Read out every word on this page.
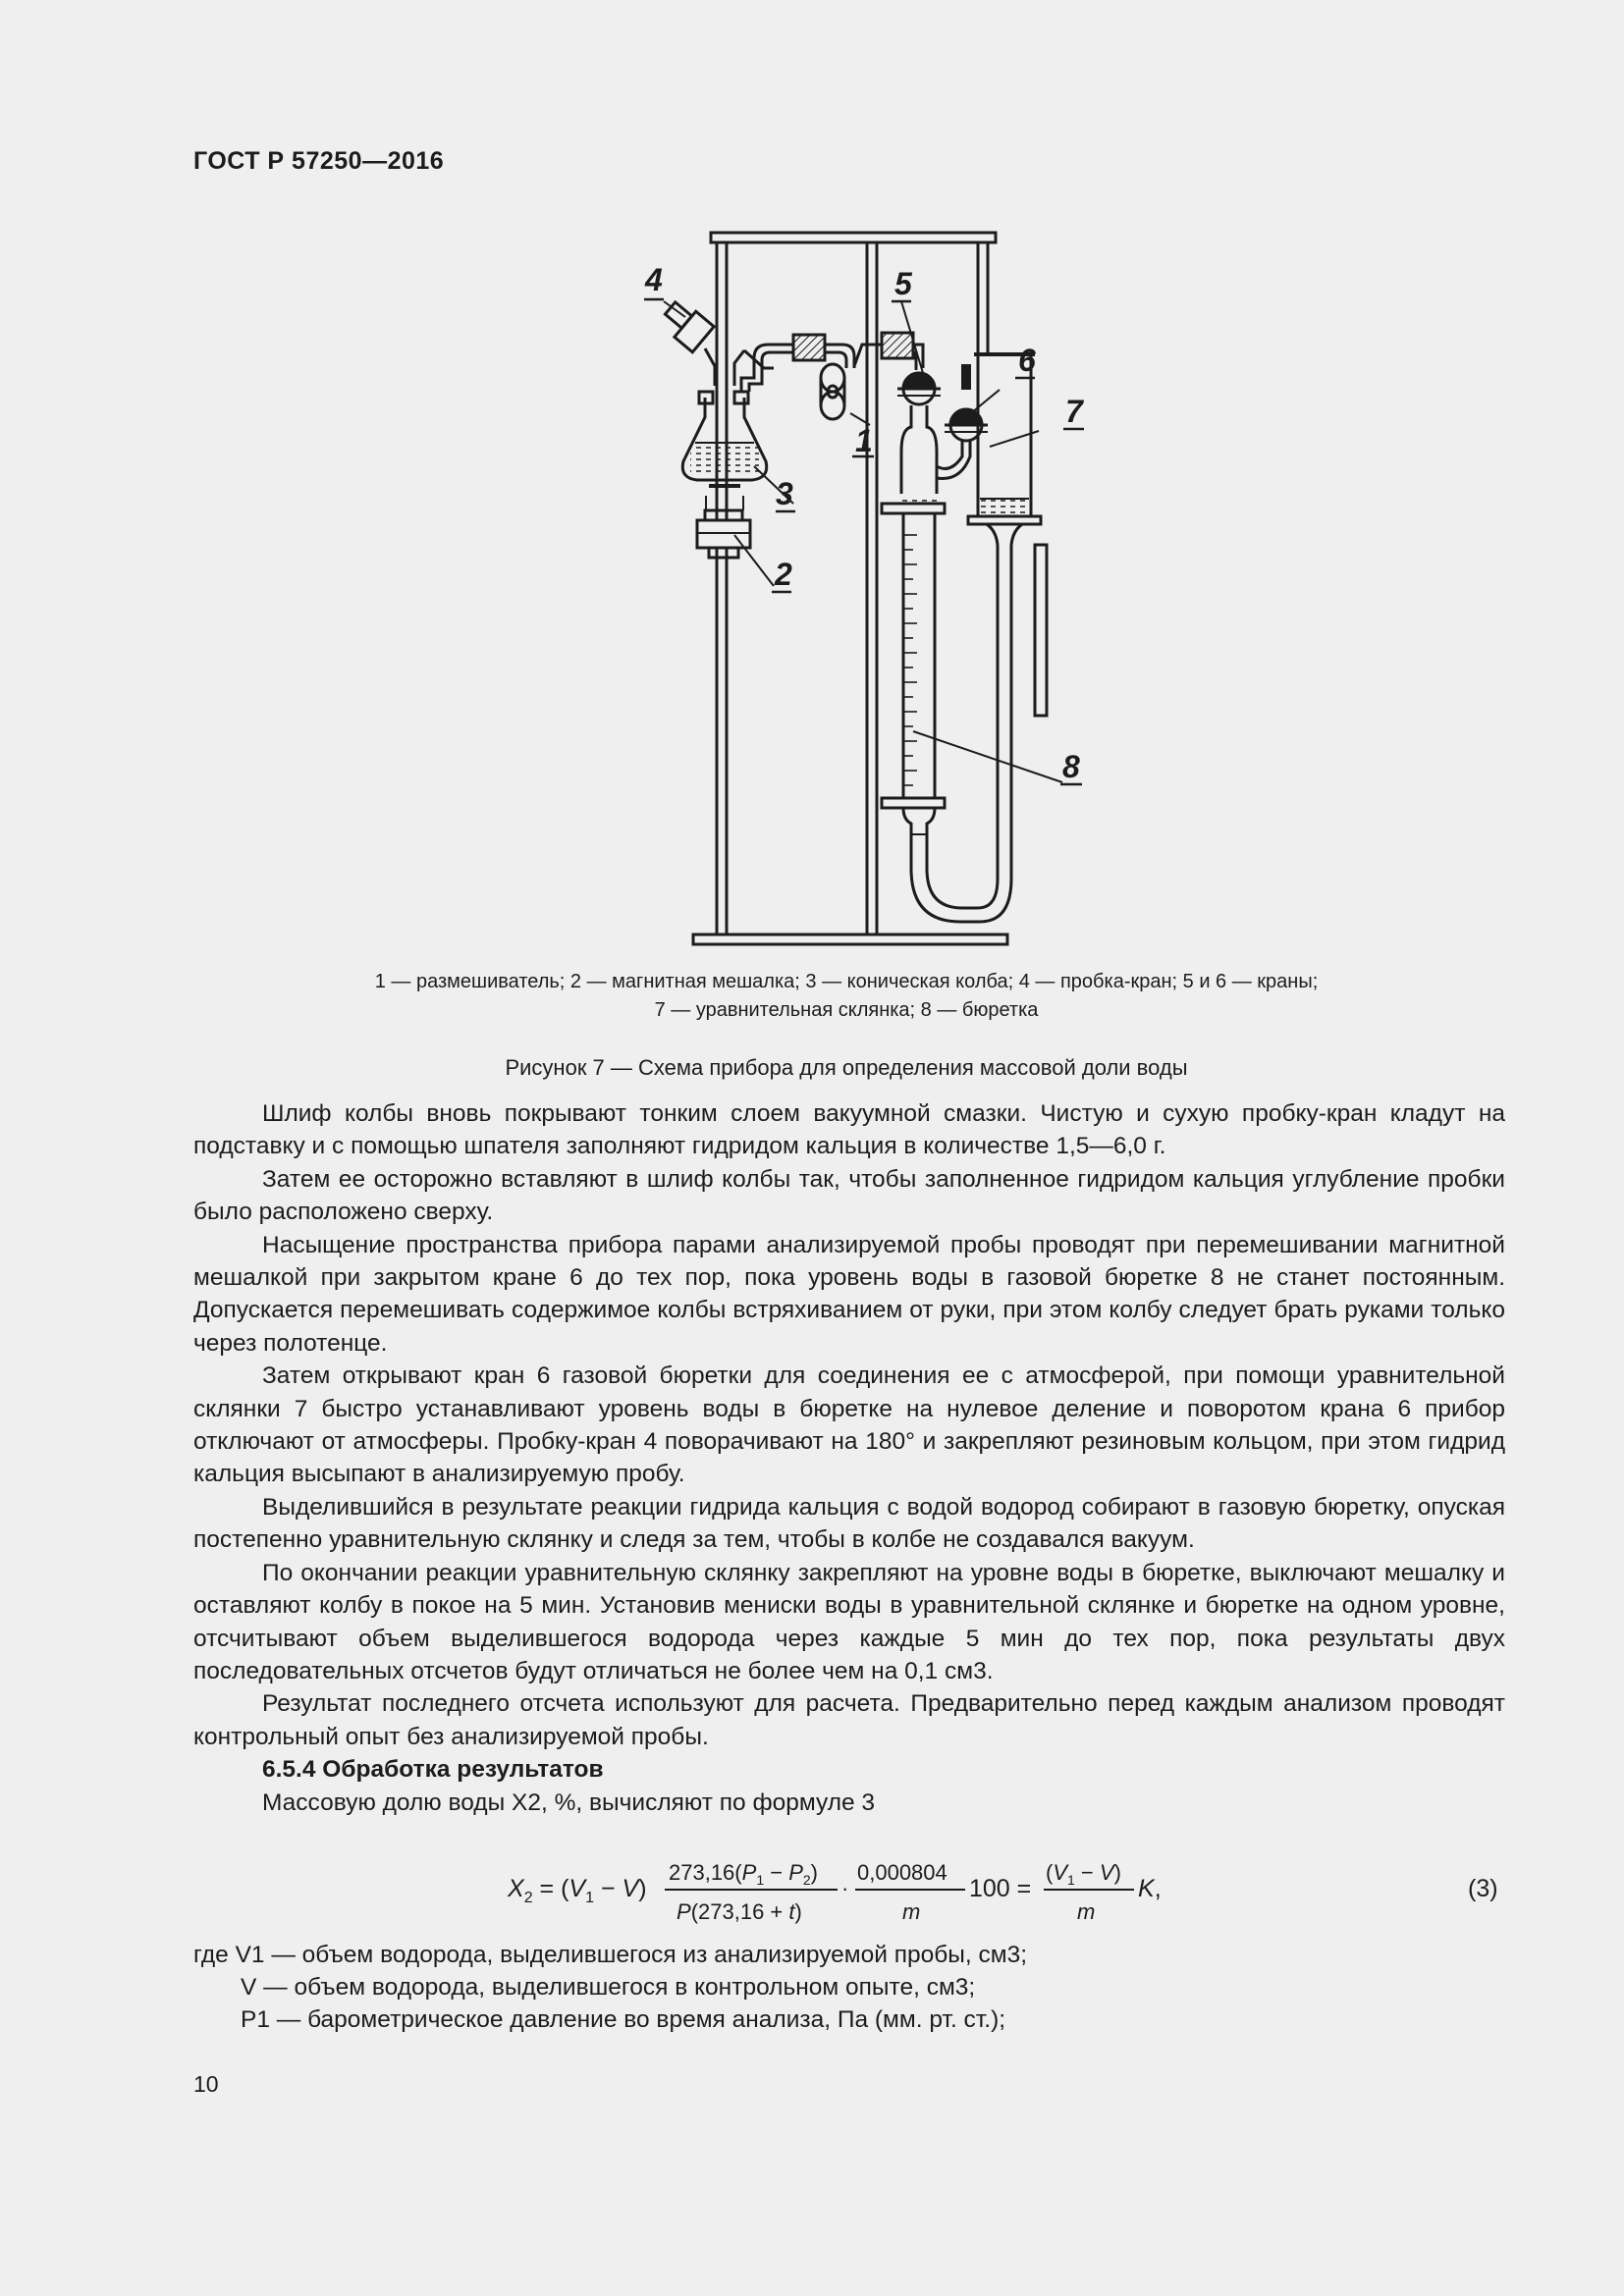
ГОСТ Р 57250—2016
4	5
6
7
1
3
2
8
1 — размешиватель; 2 — магнитная мешалка; 3 — коническая колба; 4 — пробка-кран; 5 и 6 — краны;
7 — уравнительная склянка; 8 — бюретка
Рисунок 7 — Схема прибора для определения массовой доли воды

Шлиф колбы вновь покрывают тонким слоем вакуумной смазки. Чистую и сухую пробку-кран кладут на подставку и с помощью шпателя заполняют гидридом кальция в количестве 1,5—6,0 г.

Затем ее осторожно вставляют в шлиф колбы так, чтобы заполненное гидридом кальция углубление пробки было расположено сверху.

Насыщение пространства прибора парами анализируемой пробы проводят при перемешивании магнитной мешалкой при закрытом кране 6 до тех пор, пока уровень воды в газовой бюретке 8 не станет постоянным. Допускается перемешивать содержимое колбы встряхиванием от руки, при этом колбу следует брать руками только через полотенце.

Затем открывают кран 6 газовой бюретки для соединения ее с атмосферой, при помощи уравнительной склянки 7 быстро устанавливают уровень воды в бюретке на нулевое деление и поворотом крана 6 прибор отключают от атмосферы. Пробку-кран 4 поворачивают на 180° и закрепляют резиновым кольцом, при этом гидрид кальция высыпают в анализируемую пробу.

Выделившийся в результате реакции гидрида кальция с водой водород собирают в газовую бюретку, опуская постепенно уравнительную склянку и следя за тем, чтобы в колбе не создавался вакуум.

По окончании реакции уравнительную склянку закрепляют на уровне воды в бюретке, выключают мешалку и оставляют колбу в покое на 5 мин. Установив мениски воды в уравнительной склянке и бюретке на одном уровне, отсчитывают объем выделившегося водорода через каждые 5 мин до тех пор, пока результаты двух последовательных отсчетов будут отличаться не более чем на 0,1 см3.

Результат последнего отсчета используют для расчета. Предварительно перед каждым анализом проводят контрольный опыт без анализируемой пробы.

6.5.4 Обработка результатов

Массовую долю воды X2, %, вычисляют по формуле 3

$X_2 = (V_1 - V)$
$273,16(P_1 - P_2)$
P(273,16 + t)
·
0,000804
m
100 =
$(V_1 - V)$
m
K,	(3)
где V1 — объем водорода, выделившегося из анализируемой пробы, см3;
V — объем водорода, выделившегося в контрольном опыте, см3;
P1 — барометрическое давление во время анализа, Па (мм. рт. ст.);
10
